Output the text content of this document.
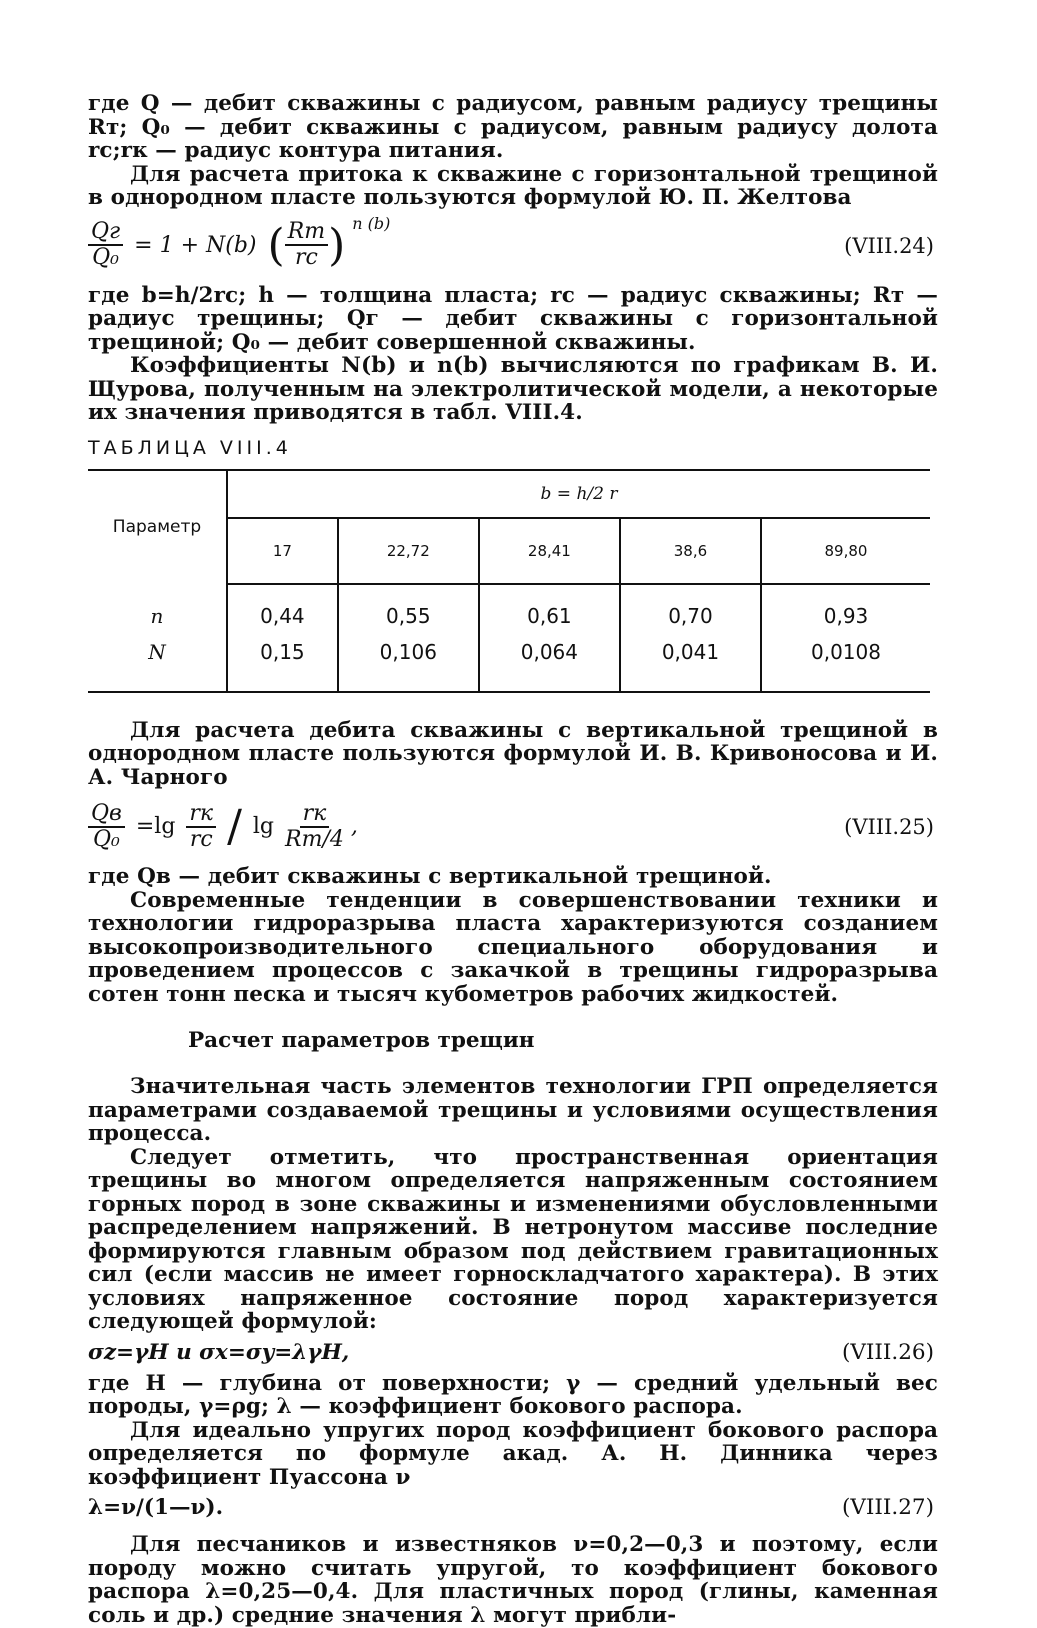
где Q — дебит скважины с радиусом, равным радиусу трещины Rт; Q₀ — дебит скважины с радиусом, равным радиусу долота rс;rк — радиус контура питания.

Для расчета притока к скважине с горизонтальной трещиной в однородном пласте пользуются формулой Ю. П. Желтова

$\frac{Qг}{\text{Q₀}} = 1 + N(b)$ ( $\frac{Rт}{rс}$ ) $^{n (b)}$
(VIII.24)

где b=h/2rс; h — толщина пласта; rс — радиус скважины; Rт — радиус трещины; Qг — дебит скважины с горизонтальной трещиной; Q₀ — дебит совершенной скважины.

Коэффициенты N(b) и n(b) вычисляются по графикам В. И. Щурова, полученным на электролитической модели, а некоторые их значения приводятся в табл. VIII.4.

ТАБЛИЦА VIII.4
Параметр	b = h/2 r				
	17	22,72	28,41	38,6	89,80
n	0,44	0,55	0,61	0,70	0,93
N	0,15	0,106	0,064	0,041	0,0108

Для расчета дебита скважины с вертикальной трещиной в однородном пласте пользуются формулой И. В. Кривоносова и И. А. Чарного

$\frac{Qв}{\text{Q₀}} =\lg \frac{rк}{rс} / \lg \frac{rк}{Rт/4}$ ,	(VIII.25)

где Qв — дебит скважины с вертикальной трещиной.

Современные тенденции в совершенствовании техники и технологии гидроразрыва пласта характеризуются созданием высокопроизводительного специального оборудования и проведением процессов с закачкой в трещины гидроразрыва сотен тонн песка и тысяч кубометров рабочих жидкостей.

Расчет параметров трещин

Значительная часть элементов технологии ГРП определяется параметрами создаваемой трещины и условиями осуществления процесса.

Следует отметить, что пространственная ориентация трещины во многом определяется напряженным состоянием горных пород в зоне скважины и изменениями обусловленными распределением напряжений. В нетронутом массиве последние формируются главным образом под действием гравитационных сил (если массив не имеет горноскладчатого характера). В этих условиях напряженное состояние пород характеризуется следующей формулой:

σz=γH и σx=σy=λγH,	(VIII.26)

где H — глубина от поверхности; γ — средний удельный вес породы, γ=ρg; λ — коэффициент бокового распора.

Для идеально упругих пород коэффициент бокового распора определяется по формуле акад. А. Н. Динника через коэффициент Пуассона ν

λ=ν/(1—ν).	(VIII.27)

Для песчаников и известняков ν=0,2—0,3 и поэтому, если породу можно считать упругой, то коэффициент бокового распора λ=0,25—0,4. Для пластичных пород (глины, каменная соль и др.) средние значения λ могут прибли-
